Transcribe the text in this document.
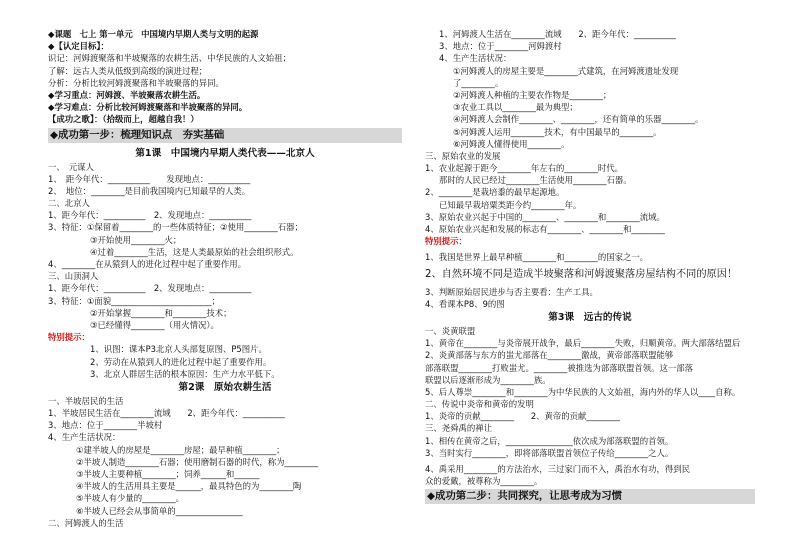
◆课题　七上 第一单元　中国境内早期人类与文明的起源
◆【认定目标】：
识记：河姆渡聚落和半坡聚落的农耕生活、中华民族的人文始祖；
了解：远古人类从低级到高级的演进过程；
分析：分析比较河姆渡聚落和半坡聚落的异同。
◆学习重点：河姆渡、半坡聚落农耕生活。
◆学习难点：分析比较河姆渡聚落和半坡聚落的异同。
【成功之歌】：（拾级而上，超越自我！）
◆成功第一步：梳理知识点　夯实基础
第1课　中国境内早期人类代表——北京人
一、　元谋人
1、　距今年代：__________　　发现地点：__________
2、　地位：________是目前我国境内已知最早的人类。
二、北京人
1、距今年代：__________　2、发现地点：__________
3、特征：①保留着________的一些体质特征；②使用________石器；
③开始使用________火；
④过着________生活，这是人类最原始的社会组织形式。
4、________在从猿到人的进化过程中起了重要作用。
三、山顶洞人
1、距今年代：__________　2、发现地点：__________
3、特征：①面貌________________________；
②开始掌握________和________技术；
③已经懂得________（用火情况）。
特别提示：
1、识图：课本P3北京人头部复原图、P5图片。
2、劳动在从猿到人的进化过程中起了重要作用。
3、北京人群居生活的根本原因：生产力水平低下。
第2课　原始农耕生活
一、半坡居民的生活
1、半坡居民生活在________流域　　2、距今年代：__________
3、地点：位于________半坡村
4、生产生活状况：
①建半坡人的房屋是________房屋；最早种植________；
②半坡人制造________石器；使用磨制石器的时代，称为________
③半坡人主要种植________；饲养______和______
④半坡人的生活用具主要是______，最具特色的为________陶
⑤半坡人有少量的________。
⑥半坡人已经会从事简单的________________
二、河姆渡人的生活
1、河姆渡人生活在________流域　　2、距今年代：__________
3、地点：位于________河姆渡村
4、生产生活状况：
①河姆渡人的房屋主要是________式建筑，在河姆渡遗址发现
了________。
②河姆渡人种植的主要农作物是________；
③农业工具以________最为典型；
④河姆渡人会制作________、________，还有简单的乐器________。
⑤河姆渡人运用________技术，有中国最早的________。
⑥河姆渡人懂得使用________。
三、原始农业的发展
1、农业起源于距今________年左右的________时代。
那时的人民已经过________生活使用________石器。
2、________是栽培黍的最早起源地。
已知最早栽培粟类距今约________年。
3、原始农业兴起于中国的________、________和________流域。
4、原始农业兴起和发展的标志有________、________和________
特别提示：
1、我国是世界上最早种植________和________的国家之一。
2、自然环境不同是造成半坡聚落和河姆渡聚落房屋结构不同的原因！
3、判断原始居民进步与否主要看：生产工具。
4、看课本P8、9的图
第3课　远古的传说
一、炎黄联盟
1、黄帝在________与炎帝展开战争，最后________失败，归顺黄帝。两大部落结盟后
2、炎黄部落与东方的蚩尤部落在________激战，黄帝部落联盟能够
部落联盟________打败蚩尤。________被推选为部落联盟首领。这一部落
联盟以后逐渐形成为________族。
5、后人尊崇________和________为中华民族的人文始祖，海内外的华人以____自称。
二、传说中炎帝和黄帝的发明
1、炎帝的贡献________　　2、黄帝的贡献________
三、尧舜禹的禅让
1、相传在黄帝之后，________________依次成为部落联盟的首领。
3、当时实行________，即将部落联盟首领位子传给________之人。
4、禹采用________的方法治水，三过家门而不入，禹治水有功，得到民
众的爱戴，被尊称为________。
◆成功第二步：共同探究，让思考成为习惯
